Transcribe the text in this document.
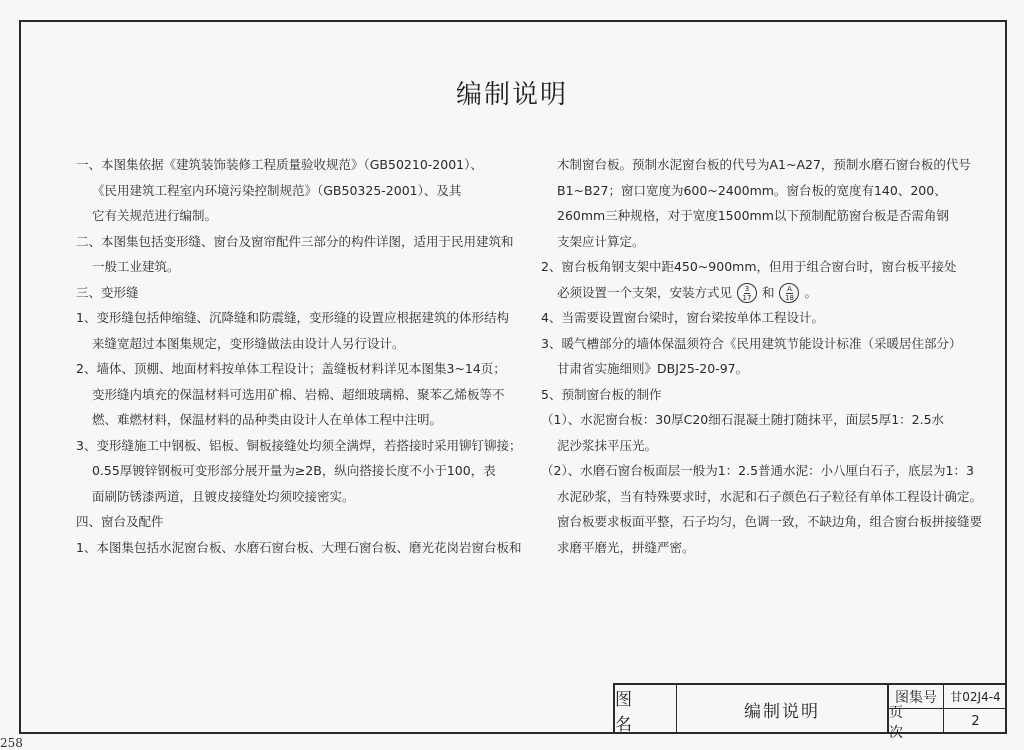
编制说明
一、本图集依据《建筑装饰装修工程质量验收规范》（GB50210-2001）、
《民用建筑工程室内环境污染控制规范》（GB50325-2001）、及其
它有关规范进行编制。
二、本图集包括变形缝、窗台及窗帘配件三部分的构件详图，适用于民用建筑和
一般工业建筑。
三、变形缝
1、变形缝包括伸缩缝、沉降缝和防震缝，变形缝的设置应根据建筑的体形结构
来缝宽超过本图集规定，变形缝做法由设计人另行设计。
2、墙体、顶棚、地面材料按单体工程设计；盖缝板材料详见本图集3~14页；
变形缝内填充的保温材料可选用矿棉、岩棉、超细玻璃棉、聚苯乙烯板等不
燃、难燃材料，保温材料的品种类由设计人在单体工程中注明。
3、变形缝施工中钢板、铝板、铜板接缝处均须全满焊，若搭接时采用铆钉铆接；
0.55厚镀锌钢板可变形部分展开量为≥2B，纵向搭接长度不小于100，表
面刷防锈漆两道，且镀皮接缝处均须咬接密实。
四、窗台及配件
1、本图集包括水泥窗台板、水磨石窗台板、大理石窗台板、磨光花岗岩窗台板和
木制窗台板。预制水泥窗台板的代号为A1~A27，预制水磨石窗台板的代号
B1~B27；窗口宽度为600~2400mm。窗台板的宽度有140、200、
260mm三种规格，对于宽度1500mm以下预制配筋窗台板是否需角钢
支架应计算定。
2、窗台板角钢支架中距450~900mm，但用于组合窗台时，窗台板平接处
必须设置一个支架，安装方式见 $\frac{3}{17}$ 和 $\frac{A}{18}$ 。
4、当需要设置窗台梁时，窗台梁按单体工程设计。
3、暖气槽部分的墙体保温须符合《民用建筑节能设计标准（采暖居住部分）
甘肃省实施细则》DBJ25-20-97。
5、预制窗台板的制作
（1）、水泥窗台板：30厚C20细石混凝土随打随抹平，面层5厚1：2.5水
泥沙浆抹平压光。
（2）、水磨石窗台板面层一般为1：2.5普通水泥：小八厘白石子，底层为1：3
水泥砂浆，当有特殊要求时，水泥和石子颜色石子粒径有单体工程设计确定。
窗台板要求板面平整，石子均匀，色调一致，不缺边角，组合窗台板拼接缝要
求磨平磨光，拼缝严密。
图 名
编制说明
图集号	甘02J4-4
页 次
2
258
